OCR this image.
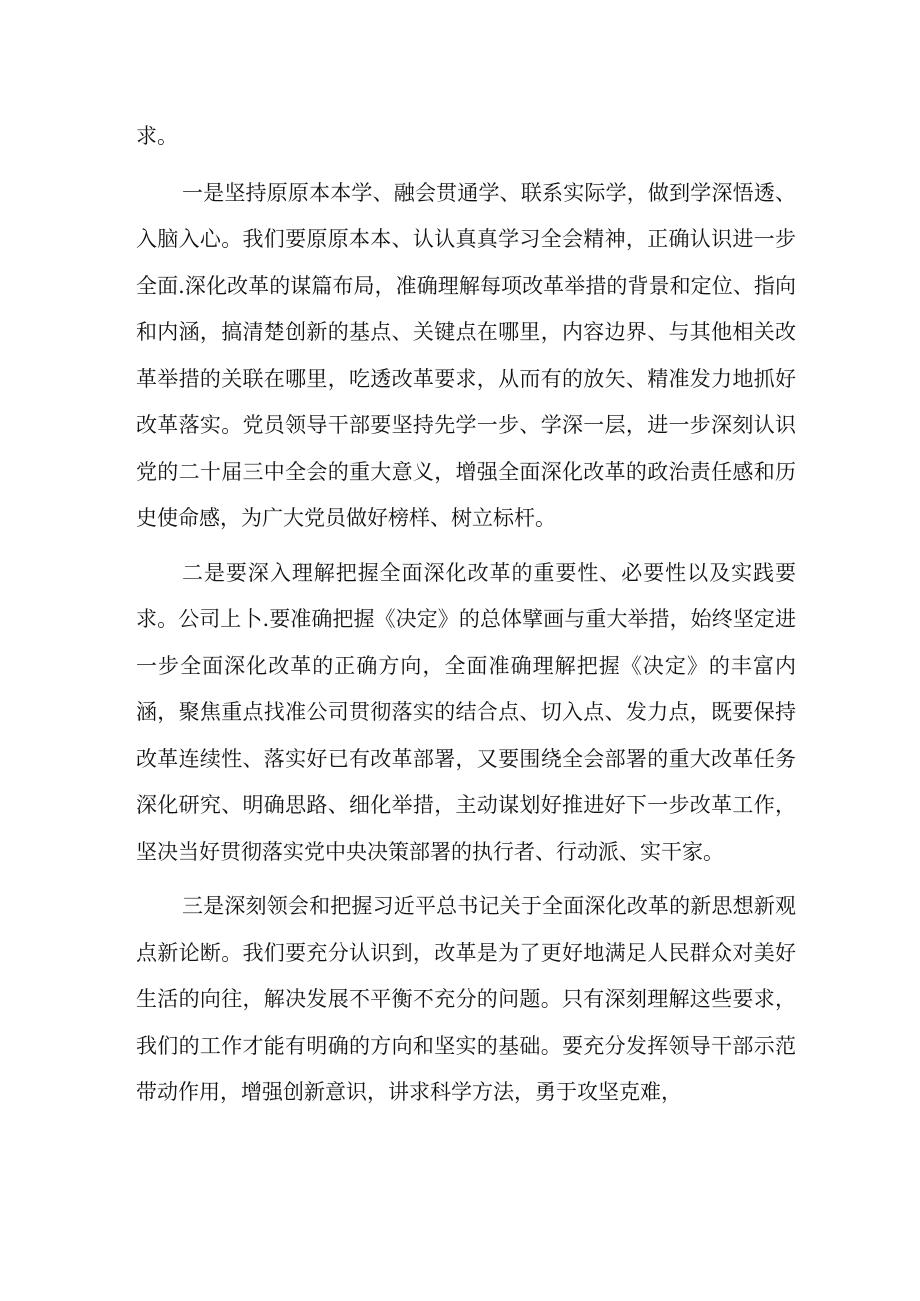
求。

一是坚持原原本本学、融会贯通学、联系实际学，做到学深悟透、入脑入心。我们要原原本本、认认真真学习全会精神，正确认识进一步全面.深化改革的谋篇布局，准确理解每项改革举措的背景和定位、指向和内涵，搞清楚创新的基点、关键点在哪里，内容边界、与其他相关改革举措的关联在哪里，吃透改革要求，从而有的放矢、精准发力地抓好改革落实。党员领导干部要坚持先学一步、学深一层，进一步深刻认识党的二十届三中全会的重大意义，增强全面深化改革的政治责任感和历史使命感，为广大党员做好榜样、树立标杆。

二是要深入理解把握全面深化改革的重要性、必要性以及实践要求。公司上卜.要准确把握《决定》的总体擘画与重大举措，始终坚定进一步全面深化改革的正确方向，全面准确理解把握《决定》的丰富内涵，聚焦重点找准公司贯彻落实的结合点、切入点、发力点，既要保持改革连续性、落实好已有改革部署，又要围绕全会部署的重大改革任务深化研究、明确思路、细化举措，主动谋划好推进好下一步改革工作，坚决当好贯彻落实党中央决策部署的执行者、行动派、实干家。

三是深刻领会和把握习近平总书记关于全面深化改革的新思想新观点新论断。我们要充分认识到，改革是为了更好地满足人民群众对美好生活的向往，解决发展不平衡不充分的问题。只有深刻理解这些要求，我们的工作才能有明确的方向和坚实的基础。要充分发挥领导干部示范带动作用，增强创新意识，讲求科学方法，勇于攻坚克难，
